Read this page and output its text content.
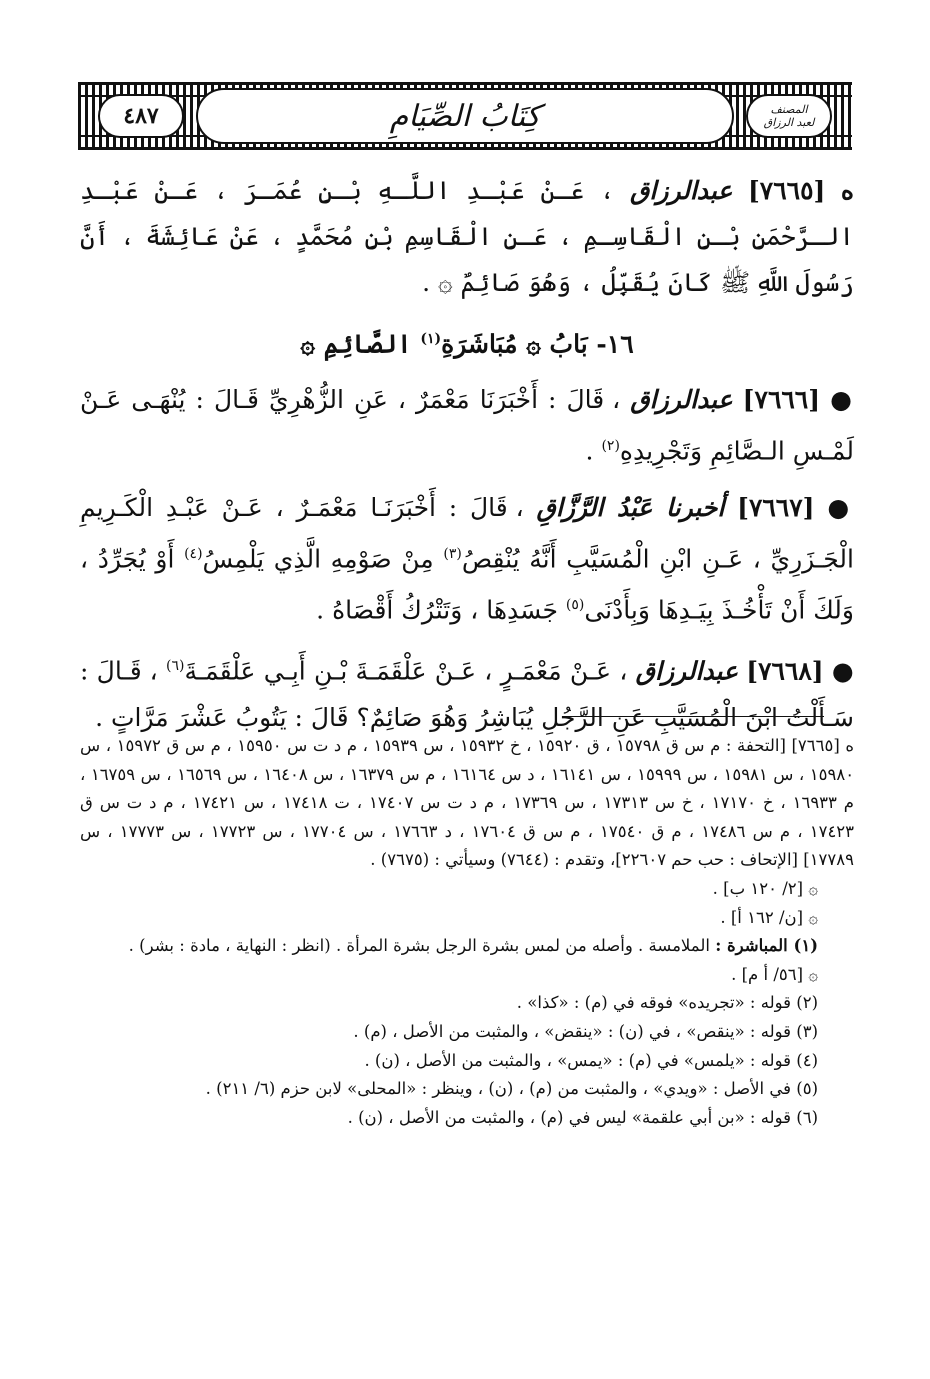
٤٨٧	كِتَابُ الصِّيَامِ	المصنف
لعبد الرزاق

ه [٧٦٦٥] عبدالرزاق ، عَـنْ عَبْـدِ اللَّـهِ بْـنِ عُمَـرَ ، عَـنْ عَبْـدِ الـرَّحْمَنِ بْـنِ الْقَاسِـمِ ، عَـنِ الْقَاسِمِ بْنِ مُحَمَّدٍ ، عَنْ عَائِشَةَ ، أَنَّ رَسُولَ اللَّهِ ﷺ كَانَ يُقَبِّلُ ، وَهُوَ صَائِمٌ ۞ .

١٦- بَابُ ۞ مُبَاشَرَةِ$^{(١)}$ الصَّائِمِ ۞

● [٧٦٦٦] عبدالرزاق ، قَالَ : أَخْبَرَنَا مَعْمَرٌ ، عَنِ الزُّهْرِيِّ قَـالَ : يُنْهَـى عَـنْ لَمْـسِ الـصَّائِمِ وَتَجْرِيدِهِ$^{(٢)}$ .

● [٧٦٦٧] أخبرنا عَبْدُ الرَّزَّاقِ ، قَالَ : أَخْبَرَنَـا مَعْمَـرٌ ، عَـنْ عَبْـدِ الْكَـرِيمِ الْجَـزَرِيِّ ، عَـنِ ابْنِ الْمُسَيَّبِ أَنَّهُ يُنْقِصُ$^{(٣)}$ مِنْ صَوْمِهِ الَّذِي يَلْمِسُ$^{(٤)}$ أَوْ يُجَرِّدُ ، وَلَكَ أَنْ تَأْخُـذَ بِيَـدِهَا وَبِأَدْنَى$^{(٥)}$ جَسَدِهَا ، وَتَتْرُكُ أَقْصَاهُ .

● [٧٦٦٨] عبدالرزاق ، عَـنْ مَعْمَـرٍ ، عَـنْ عَلْقَمَـةَ بْـنِ أَبِـي عَلْقَمَـةَ$^{(٦)}$ ، قَـالَ : سَـأَلْتُ ابْنَ الْمُسَيَّبِ عَنِ الرَّجُلِ يُبَاشِرُ وَهُوَ صَائِمٌ؟ قَالَ : يَتُوبُ عَشْرَ مَرَّاتٍ .

ه [٧٦٦٥] [التحفة : م س ق ١٥٧٩٨ ، ق ١٥٩٢٠ ، خ ١٥٩٣٢ ، س ١٥٩٣٩ ، م د ت س ١٥٩٥٠ ، م س ق ١٥٩٧٢ ، س ١٥٩٨٠ ، س ١٥٩٨١ ، س ١٥٩٩٩ ، س ١٦١٤١ ، د س ١٦١٦٤ ، م س ١٦٣٧٩ ، س ١٦٤٠٨ ، س ١٦٥٦٩ ، س ١٦٧٥٩ ، م ١٦٩٣٣ ، خ ١٧١٧٠ ، خ س ١٧٣١٣ ، س ١٧٣٦٩ ، م د ت س ١٧٤٠٧ ، ت ١٧٤١٨ ، س ١٧٤٢١ ، م د ت س ق ١٧٤٢٣ ، م س ١٧٤٨٦ ، م ق ١٧٥٤٠ ، م س ق ١٧٦٠٤ ، د ١٧٦٦٣ ، س ١٧٧٠٤ ، س ١٧٧٢٣ ، س ١٧٧٧٣ ، س ١٧٧٨٩] [الإتحاف : حب حم ٢٢٦٠٧]، وتقدم : (٧٦٤٤) وسيأتي : (٧٦٧٥) .

۞ [٢/ ١٢٠ ب] .

۞ [ن/ ١٦٢ أ] .

(١) المباشرة : الملامسة . وأصله من لمس بشرة الرجل بشرة المرأة . (انظر : النهاية ، مادة : بشر) .

۞ [٥٦/ أ م] .

(٢) قوله : «تجريده» فوقه في (م) : «كذا» .

(٣) قوله : «ينقص» ، في (ن) : «ينقض» ، والمثبت من الأصل ، (م) .

(٤) قوله : «يلمس» في (م) : «يمس» ، والمثبت من الأصل ، (ن) .

(٥) في الأصل : «ويدي» ، والمثبت من (م) ، (ن) ، وينظر : «المحلى» لابن حزم (٦/ ٢١١) .

(٦) قوله : «بن أبي علقمة» ليس في (م) ، والمثبت من الأصل ، (ن) .
